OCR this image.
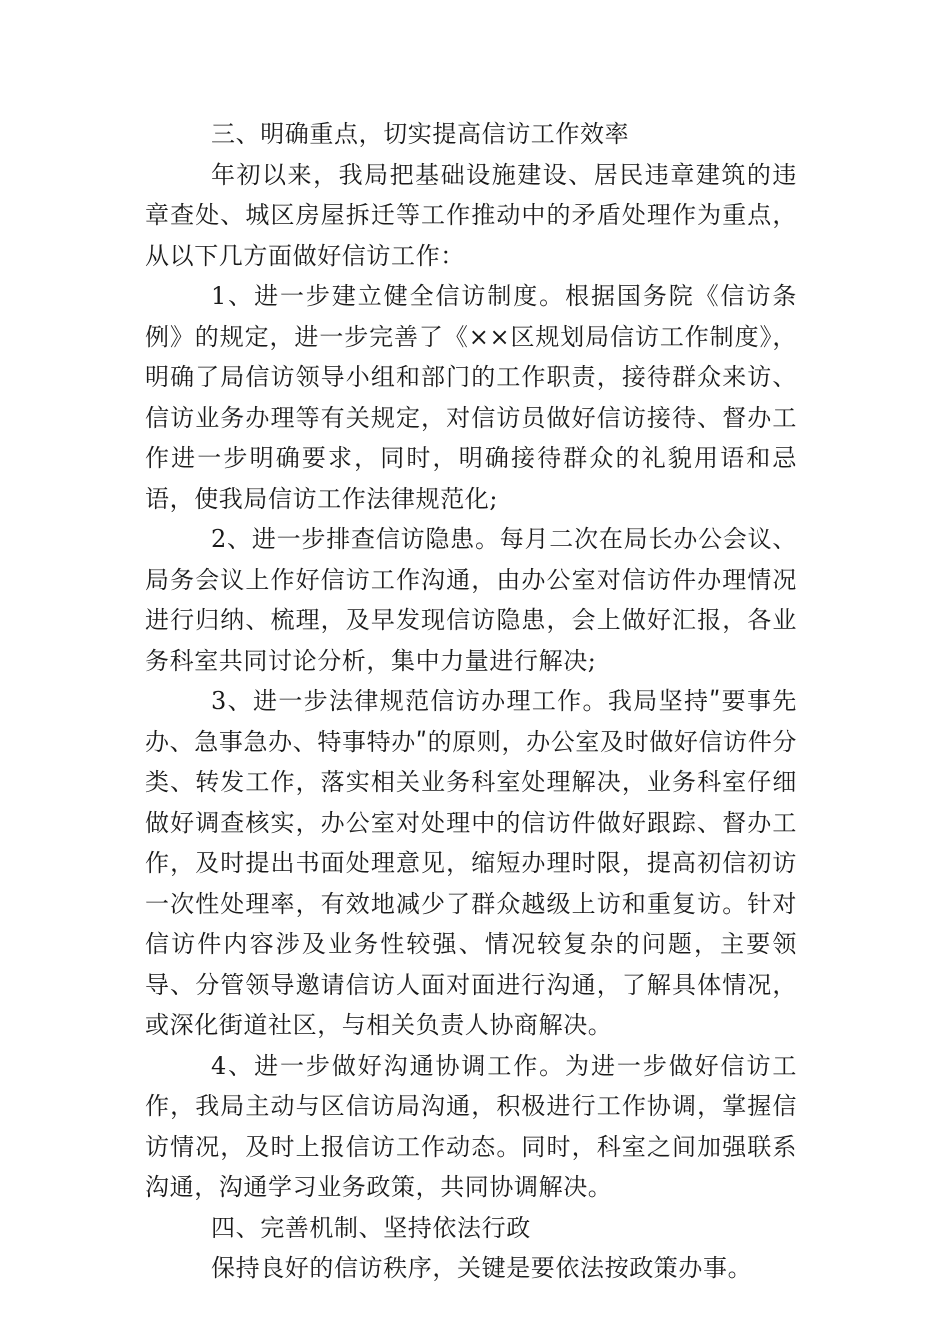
三、明确重点，切实提高信访工作效率

年初以来，我局把基础设施建设、居民违章建筑的违章查处、城区房屋拆迁等工作推动中的矛盾处理作为重点，从以下几方面做好信访工作：

1、进一步建立健全信访制度。根据国务院《信访条例》的规定，进一步完善了《××区规划局信访工作制度》，明确了局信访领导小组和部门的工作职责，接待群众来访、信访业务办理等有关规定，对信访员做好信访接待、督办工作进一步明确要求，同时，明确接待群众的礼貌用语和忌语，使我局信访工作法律规范化;

2、进一步排查信访隐患。每月二次在局长办公会议、局务会议上作好信访工作沟通，由办公室对信访件办理情况进行归纳、梳理，及早发现信访隐患，会上做好汇报，各业务科室共同讨论分析，集中力量进行解决;

3、进一步法律规范信访办理工作。我局坚持ʺ要事先办、急事急办、特事特办ʺ的原则，办公室及时做好信访件分类、转发工作，落实相关业务科室处理解决，业务科室仔细做好调查核实，办公室对处理中的信访件做好跟踪、督办工作，及时提出书面处理意见，缩短办理时限，提高初信初访一次性处理率，有效地减少了群众越级上访和重复访。针对信访件内容涉及业务性较强、情况较复杂的问题，主要领导、分管领导邀请信访人面对面进行沟通，了解具体情况，或深化街道社区，与相关负责人协商解决。

4、进一步做好沟通协调工作。为进一步做好信访工作，我局主动与区信访局沟通，积极进行工作协调，掌握信访情况，及时上报信访工作动态。同时，科室之间加强联系沟通，沟通学习业务政策，共同协调解决。

四、完善机制、坚持依法行政

保持良好的信访秩序，关键是要依法按政策办事。
